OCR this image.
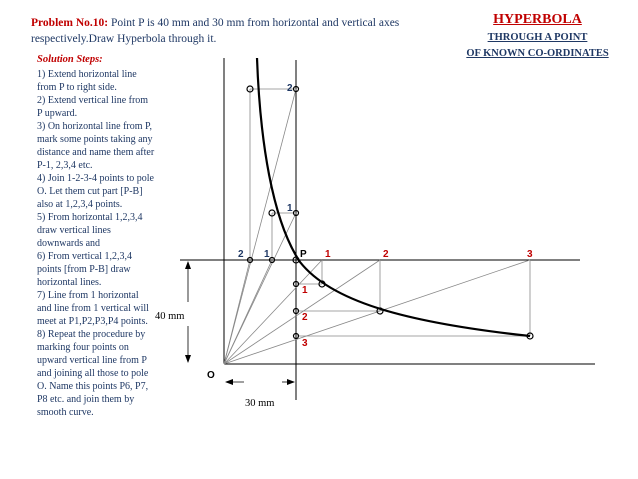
Problem No.10: Point P is 40 mm and 30 mm from horizontal and vertical axes respectively.Draw Hyperbola through it.
HYPERBOLA
THROUGH A POINT
OF KNOWN CO-ORDINATES
Solution Steps:

1) Extend horizontal line from P to right side.

2) Extend vertical line from P upward.

3) On horizontal line from P, mark some points taking any distance and name them after P-1, 2,3,4 etc.

4) Join 1-2-3-4 points to pole O. Let them cut part [P-B] also at 1,2,3,4 points.

5) From horizontal 1,2,3,4 draw vertical lines downwards and

6) From vertical 1,2,3,4 points [from P-B] draw horizontal lines.

7) Line from 1 horizontal and line from 1 vertical will meet at P1,P2,P3,P4 points.

8) Repeat the procedure by marking four points on upward vertical line from P and joining all those to pole O. Name this points P6, P7, P8 etc. and join them by smooth curve.

O
P
40 mm
30 mm
2
1
2 1	1	2	3
1
2
3
